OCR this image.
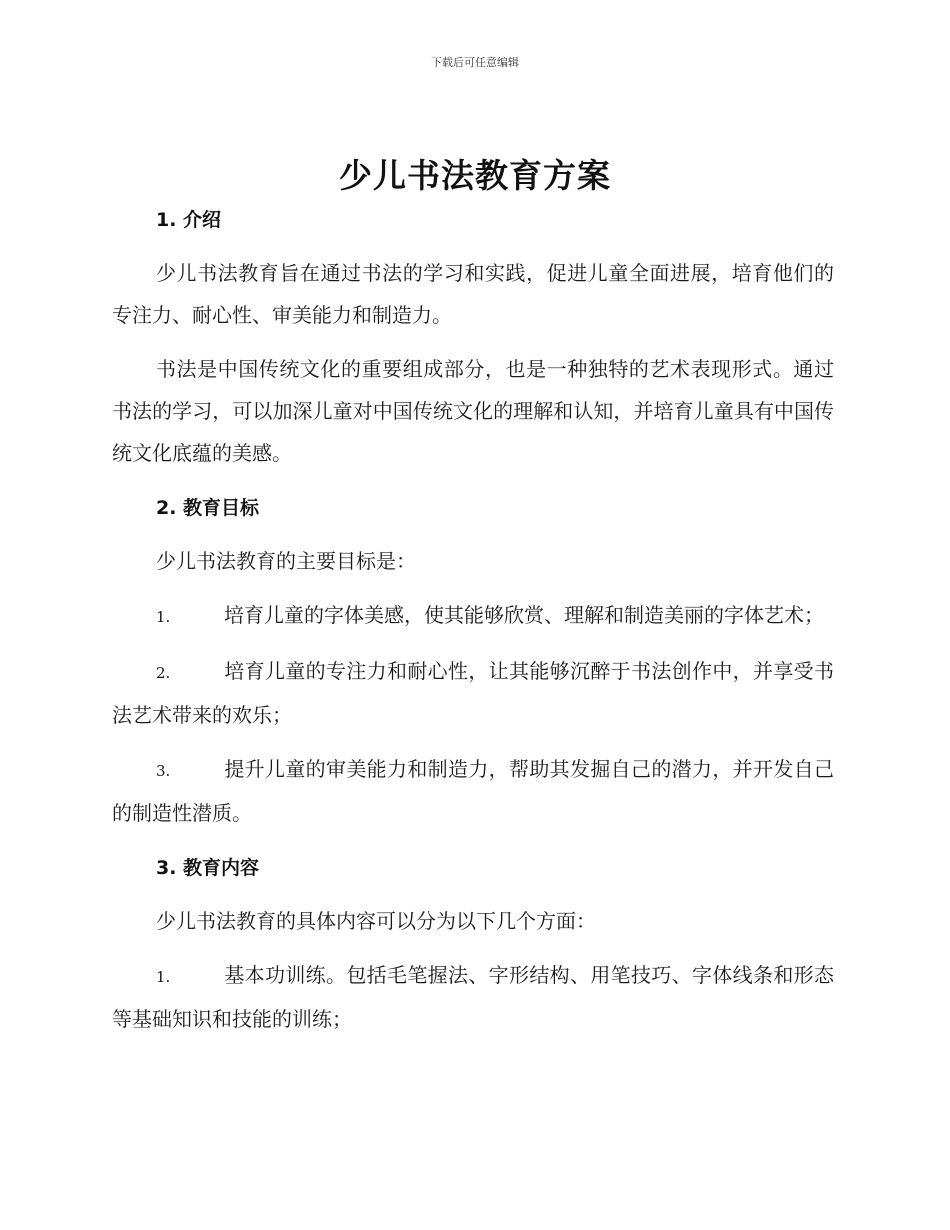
下载后可任意编辑
少儿书法教育方案
1. 介绍

少儿书法教育旨在通过书法的学习和实践，促进儿童全面进展，培育他们的专注力、耐心性、审美能力和制造力。

书法是中国传统文化的重要组成部分，也是一种独特的艺术表现形式。通过书法的学习，可以加深儿童对中国传统文化的理解和认知，并培育儿童具有中国传统文化底蕴的美感。

2. 教育目标

少儿书法教育的主要目标是：

1.	培育儿童的字体美感，使其能够欣赏、理解和制造美丽的字体艺术；

2.	培育儿童的专注力和耐心性，让其能够沉醉于书法创作中，并享受书法艺术带来的欢乐；

3.	提升儿童的审美能力和制造力，帮助其发掘自己的潜力，并开发自己的制造性潜质。

3. 教育内容

少儿书法教育的具体内容可以分为以下几个方面：

1.	基本功训练。包括毛笔握法、字形结构、用笔技巧、字体线条和形态等基础知识和技能的训练；
